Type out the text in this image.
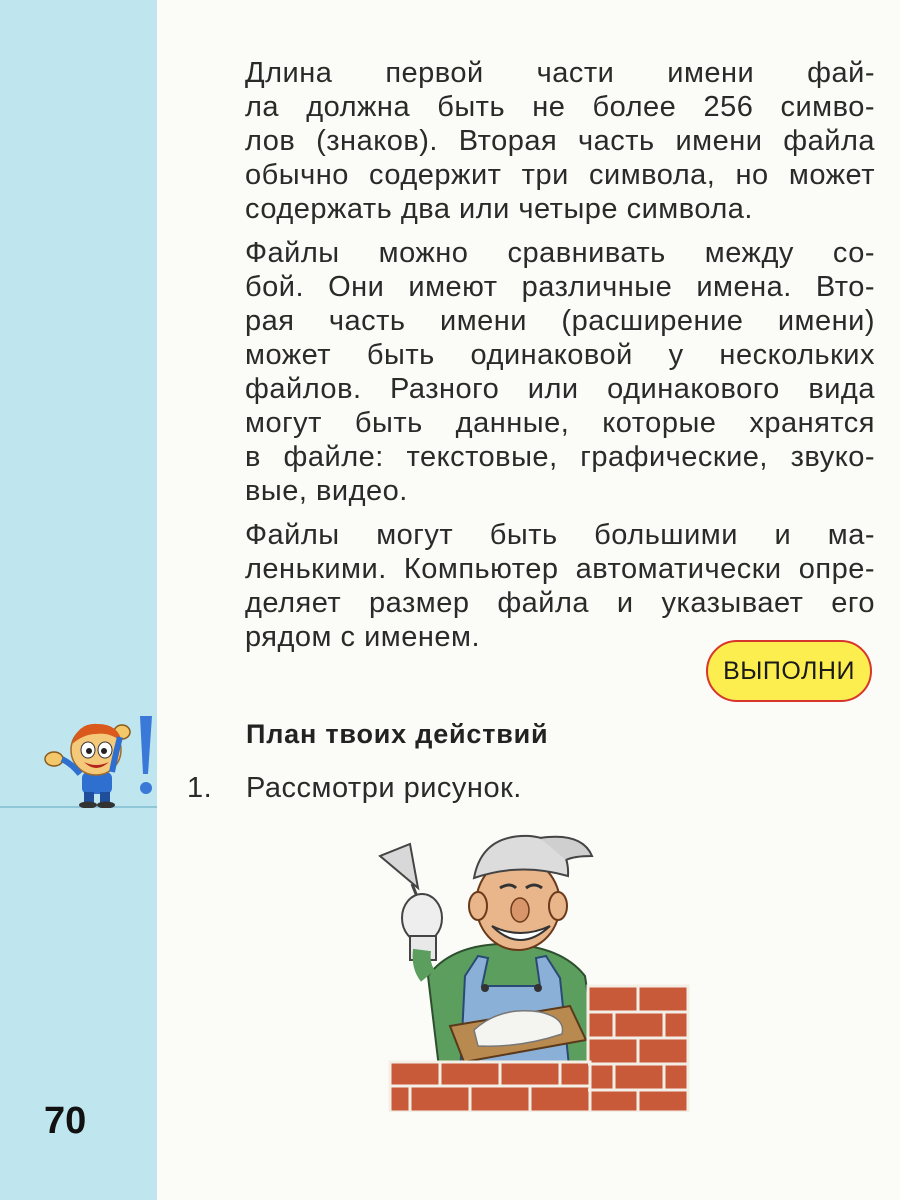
Длина первой части имени фай-
ла должна быть не более 256 симво-
лов (знаков). Вторая часть имени файла
обычно содержит три символа, но может
содержать два или четыре символа.

Файлы можно сравнивать между со-
бой. Они имеют различные имена. Вто-
рая часть имени (расширение имени)
может быть одинаковой у нескольких
файлов. Разного или одинакового вида
могут быть данные, которые хранятся
в файле: текстовые, графические, звуко-
вые, видео.

Файлы могут быть большими и ма-
ленькими. Компьютер автоматически опре-
деляет размер файла и указывает его
рядом с именем.

ВЫПОЛНИ
План твоих действий
1. Рассмотри рисунок.
70
